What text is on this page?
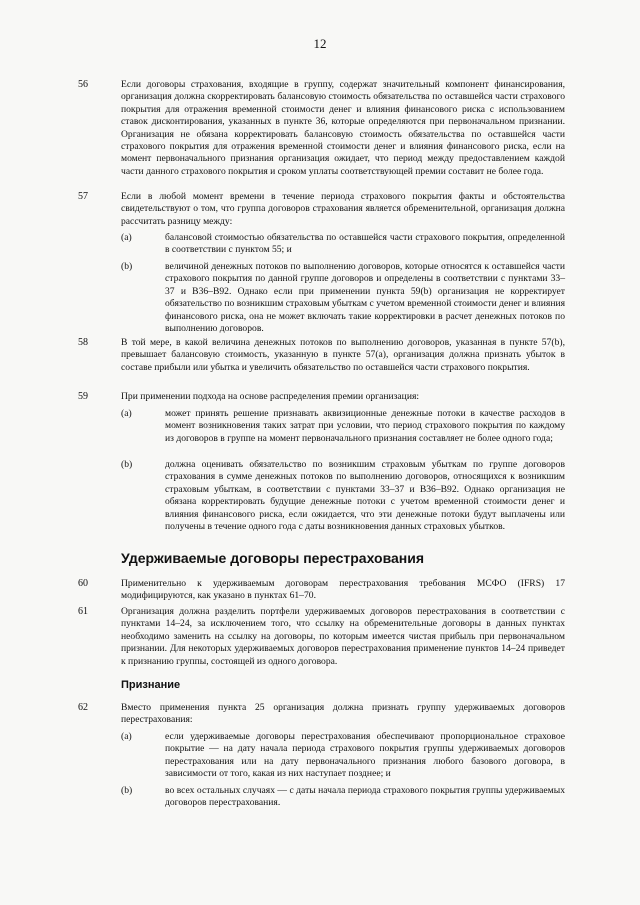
12
56	Если договоры страхования, входящие в группу, содержат значительный компонент финансирования, организация должна скорректировать балансовую стоимость обязательства по оставшейся части страхового покрытия для отражения временной стоимости денег и влияния финансового риска с использованием ставок дисконтирования, указанных в пункте 36, которые определяются при первоначальном признании. Организация не обязана корректировать балансовую стоимость обязательства по оставшейся части страхового покрытия для отражения временной стоимости денег и влияния финансового риска, если на момент первоначального признания организация ожидает, что период между предоставлением каждой части данного страхового покрытия и сроком уплаты соответствующей премии составит не более года.
57	Если в любой момент времени в течение периода страхового покрытия факты и обстоятельства свидетельствуют о том, что группа договоров страхования является обременительной, организация должна рассчитать разницу между:
(a)	балансовой стоимостью обязательства по оставшейся части страхового покрытия, определенной в соответствии с пунктом 55; и
(b)	величиной денежных потоков по выполнению договоров, которые относятся к оставшейся части страхового покрытия по данной группе договоров и определены в соответствии с пунктами 33–37 и B36–B92. Однако если при применении пункта 59(b) организация не корректирует обязательство по возникшим страховым убыткам с учетом временной стоимости денег и влияния финансового риска, она не может включать такие корректировки в расчет денежных потоков по выполнению договоров.
58	В той мере, в какой величина денежных потоков по выполнению договоров, указанная в пункте 57(b), превышает балансовую стоимость, указанную в пункте 57(a), организация должна признать убыток в составе прибыли или убытка и увеличить обязательство по оставшейся части страхового покрытия.
59	При применении подхода на основе распределения премии организация:
(a)	может принять решение признавать аквизиционные денежные потоки в качестве расходов в момент возникновения таких затрат при условии, что период страхового покрытия по каждому из договоров в группе на момент первоначального признания составляет не более одного года;
(b)	должна оценивать обязательство по возникшим страховым убыткам по группе договоров страхования в сумме денежных потоков по выполнению договоров, относящихся к возникшим страховым убыткам, в соответствии с пунктами 33–37 и B36–B92. Однако организация не обязана корректировать будущие денежные потоки с учетом временной стоимости денег и влияния финансового риска, если ожидается, что эти денежные потоки будут выплачены или получены в течение одного года с даты возникновения данных страховых убытков.
Удерживаемые договоры перестрахования
60	Применительно к удерживаемым договорам перестрахования требования МСФО (IFRS) 17 модифицируются, как указано в пунктах 61–70.
61	Организация должна разделить портфели удерживаемых договоров перестрахования в соответствии с пунктами 14–24, за исключением того, что ссылку на обременительные договоры в данных пунктах необходимо заменить на ссылку на договоры, по которым имеется чистая прибыль при первоначальном признании. Для некоторых удерживаемых договоров перестрахования применение пунктов 14–24 приведет к признанию группы, состоящей из одного договора.
Признание
62	Вместо применения пункта 25 организация должна признать группу удерживаемых договоров перестрахования:
(a)	если удерживаемые договоры перестрахования обеспечивают пропорциональное страховое покрытие — на дату начала периода страхового покрытия группы удерживаемых договоров перестрахования или на дату первоначального признания любого базового договора, в зависимости от того, какая из них наступает позднее; и
(b)	во всех остальных случаях — с даты начала периода страхового покрытия группы удерживаемых договоров перестрахования.
